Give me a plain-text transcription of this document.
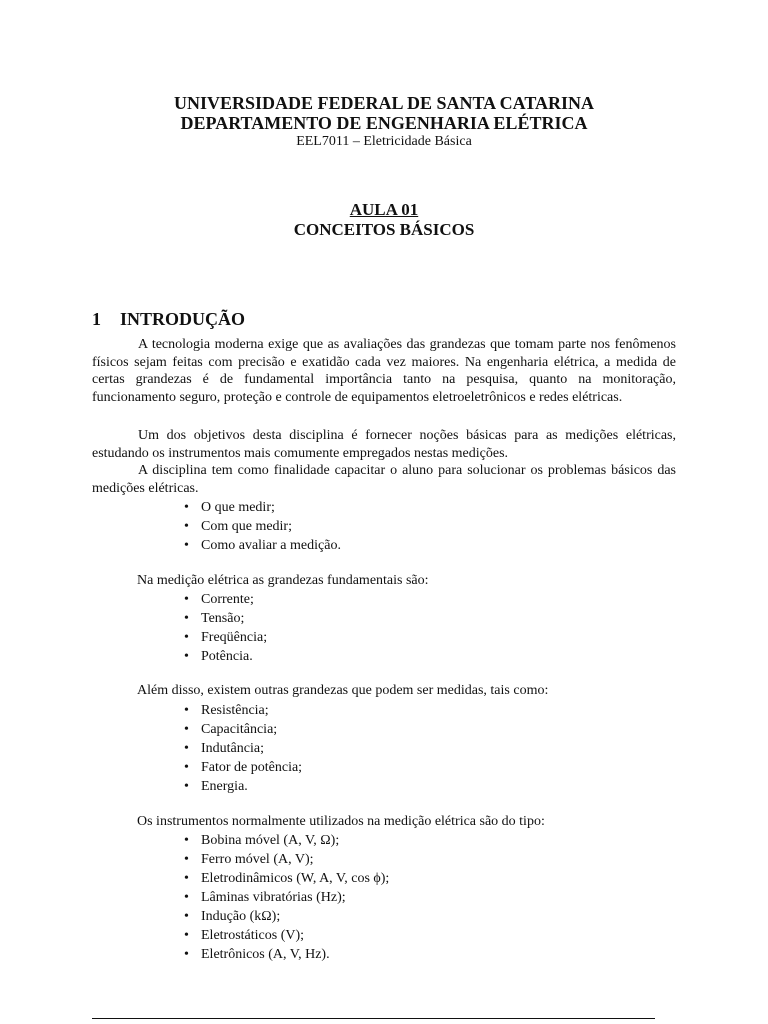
UNIVERSIDADE FEDERAL DE SANTA CATARINA
DEPARTAMENTO DE ENGENHARIA ELÉTRICA
EEL7011 – Eletricidade Básica
AULA 01
CONCEITOS BÁSICOS
1 INTRODUÇÃO
A tecnologia moderna exige que as avaliações das grandezas que tomam parte nos fenômenos físicos sejam feitas com precisão e exatidão cada vez maiores. Na engenharia elétrica, a medida de certas grandezas é de fundamental importância tanto na pesquisa, quanto na monitoração, funcionamento seguro, proteção e controle de equipamentos eletroeletrônicos e redes elétricas.
Um dos objetivos desta disciplina é fornecer noções básicas para as medições elétricas, estudando os instrumentos mais comumente empregados nestas medições.
A disciplina tem como finalidade capacitar o aluno para solucionar os problemas básicos das medições elétricas.
• O que medir;
• Com que medir;
• Como avaliar a medição.
Na medição elétrica as grandezas fundamentais são:
• Corrente;
• Tensão;
• Freqüência;
• Potência.
Além disso, existem outras grandezas que podem ser medidas, tais como:
• Resistência;
• Capacitância;
• Indutância;
• Fator de potência;
• Energia.
Os instrumentos normalmente utilizados na medição elétrica são do tipo:
• Bobina móvel (A, V, Ω);
• Ferro móvel (A, V);
• Eletrodinâmicos (W, A, V, cos ϕ);
• Lâminas vibratórias (Hz);
• Indução (kΩ);
• Eletrostáticos (V);
• Eletrônicos (A, V, Hz).
